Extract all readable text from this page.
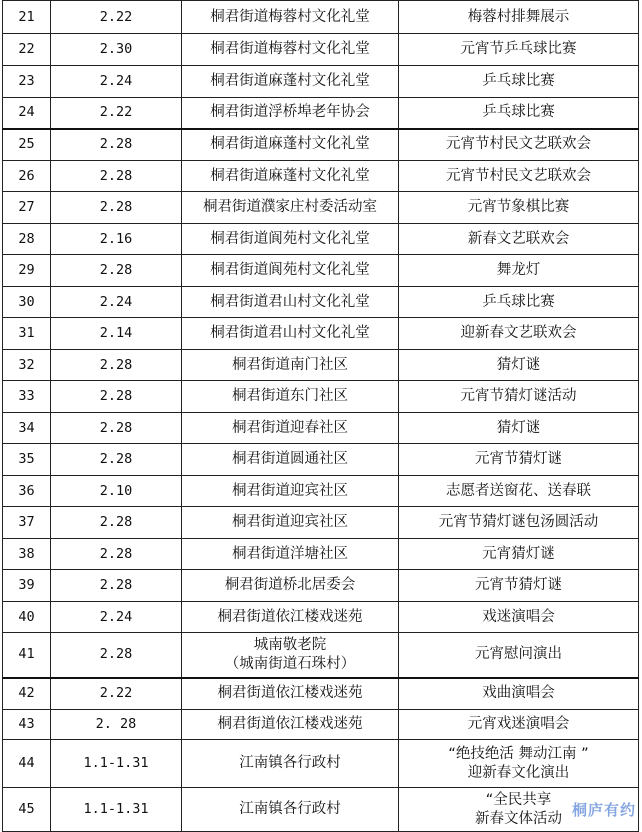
21	2.22	桐君街道梅蓉村文化礼堂	梅蓉村排舞展示
22	2.30	桐君街道梅蓉村文化礼堂	元宵节乒乓球比赛
23	2.24	桐君街道麻蓬村文化礼堂	乒乓球比赛
24	2.22	桐君街道浮桥埠老年协会	乒乓球比赛
25	2.28	桐君街道麻蓬村文化礼堂	元宵节村民文艺联欢会
26	2.28	桐君街道麻蓬村文化礼堂	元宵节村民文艺联欢会
27	2.28	桐君街道濮家庄村委活动室	元宵节象棋比赛
28	2.16	桐君街道阆苑村文化礼堂	新春文艺联欢会
29	2.28	桐君街道阆苑村文化礼堂	舞龙灯
30	2.24	桐君街道君山村文化礼堂	乒乓球比赛
31	2.14	桐君街道君山村文化礼堂	迎新春文艺联欢会
32	2.28	桐君街道南门社区	猜灯谜
33	2.28	桐君街道东门社区	元宵节猜灯谜活动
34	2.28	桐君街道迎春社区	猜灯谜
35	2.28	桐君街道圆通社区	元宵节猜灯谜
36	2.10	桐君街道迎宾社区	志愿者送窗花、送春联
37	2.28	桐君街道迎宾社区	元宵节猜灯谜包汤圆活动
38	2.28	桐君街道洋塘社区	元宵猜灯谜
39	2.28	桐君街道桥北居委会	元宵节猜灯谜
40	2.24	桐君街道依江楼戏迷苑	戏迷演唱会
41	2.28	城南敬老院
（城南街道石珠村）	元宵慰问演出
42	2.22	桐君街道依江楼戏迷苑	戏曲演唱会
43	2. 28	桐君街道依江楼戏迷苑	元宵戏迷演唱会
44	1.1-1.31	江南镇各行政村	“绝技绝活 舞动江南 ”
迎新春文化演出

45	1.1-1.31	江南镇各行政村	“全民共享
新春文体活动 桐庐有约
